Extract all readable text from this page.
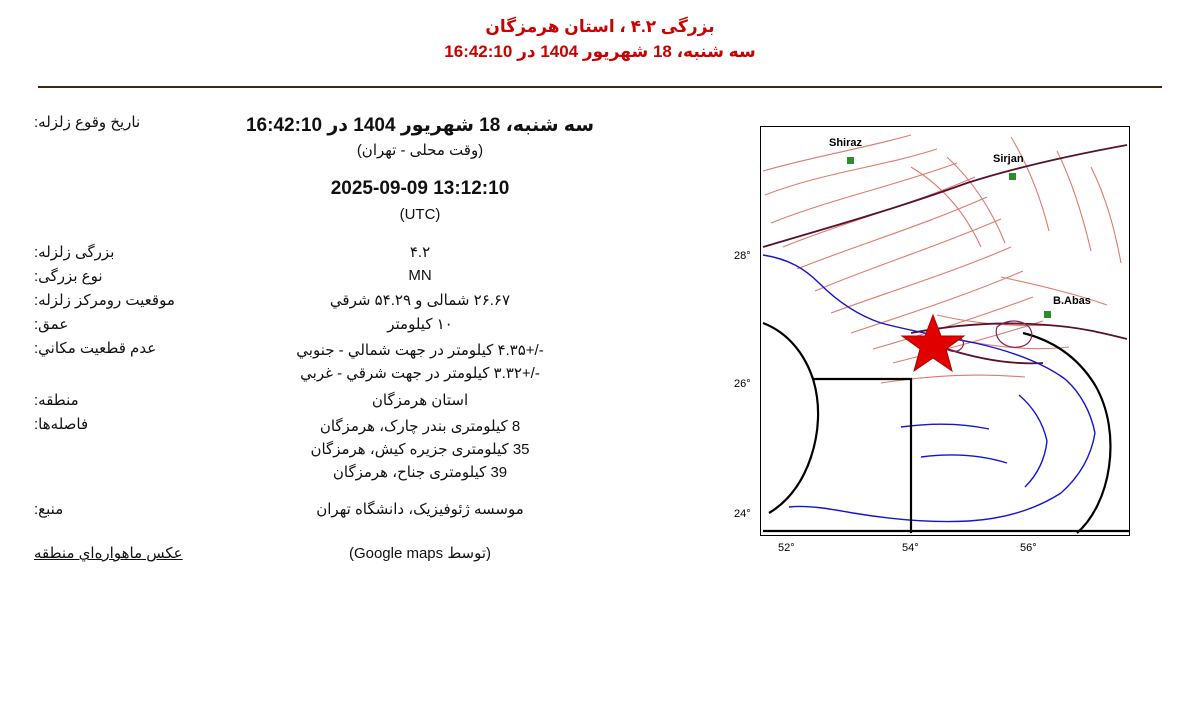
بزرگی ۴.۲ ، استان هرمزگان
سه شنبه، 18 شهریور 1404 در 16:42:10
28°
26°
24°
52°	54°	56°
Shiraz
Sirjan
B.Abas
سه شنبه، 18 شهریور 1404 در 16:42:10
(وقت محلی - تهران)
2025-09-09 13:12:10
(UTC)	ناریخ وقوع زلزله:

۴.۲	بزرگی زلزله:
MN	نوع بزرگی:
۲۶.۶۷ شمالی و ۵۴.۲۹ شرقي	موقعیت رومرکز زلزله:
۱۰ کیلومتر	عمق:

-/+۴.۳۵ کیلومتر در جهت شمالي - جنوبي
-/+۳.۳۲ کیلومتر در جهت شرقي - غربي	عدم قطعیت مکاني:
استان هرمزگان	منطقه:

8 کیلومتری بندر چارک، هرمزگان
35 کیلومتری جزیره کیش، هرمزگان
39 کیلومتری جناح، هرمزگان	فاصله‌ها:

موسسه ژئوفیزیک، دانشگاه تهران	منبع:

(توسط Google maps)	عکس ماهواره‌اي منطقه
